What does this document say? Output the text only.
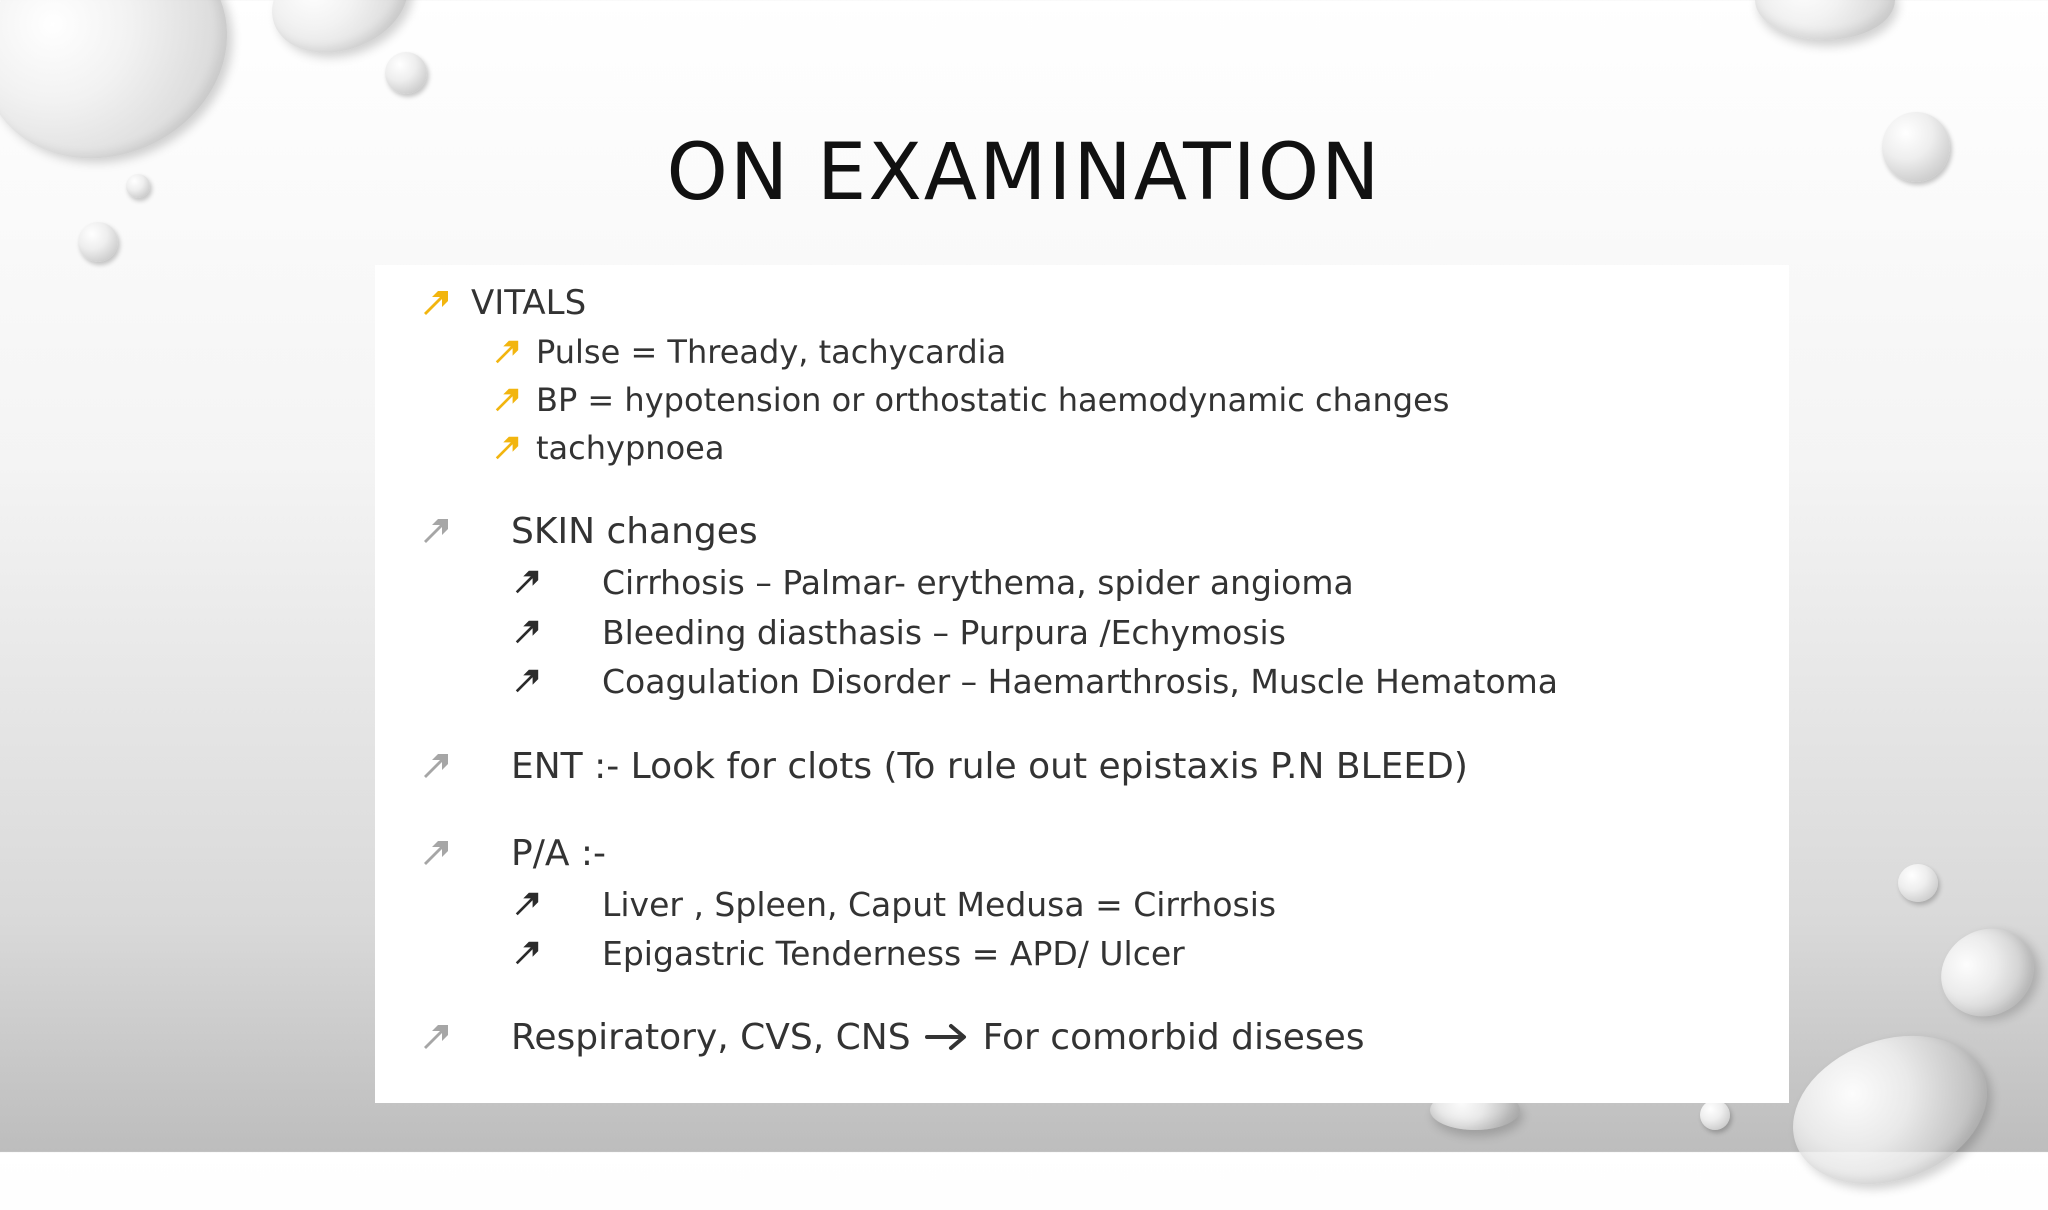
ON EXAMINATION
VITALS
Pulse = Thready, tachycardia
BP = hypotension or orthostatic haemodynamic changes
tachypnoea
SKIN changes
Cirrhosis – Palmar- erythema, spider angioma
Bleeding diasthasis – Purpura /Echymosis
Coagulation Disorder – Haemarthrosis, Muscle Hematoma
ENT :- Look for clots (To rule out epistaxis P.N BLEED)
P/A :-
Liver , Spleen, Caput Medusa = Cirrhosis
Epigastric Tenderness = APD/ Ulcer
Respiratory, CVS, CNS For comorbid diseses
